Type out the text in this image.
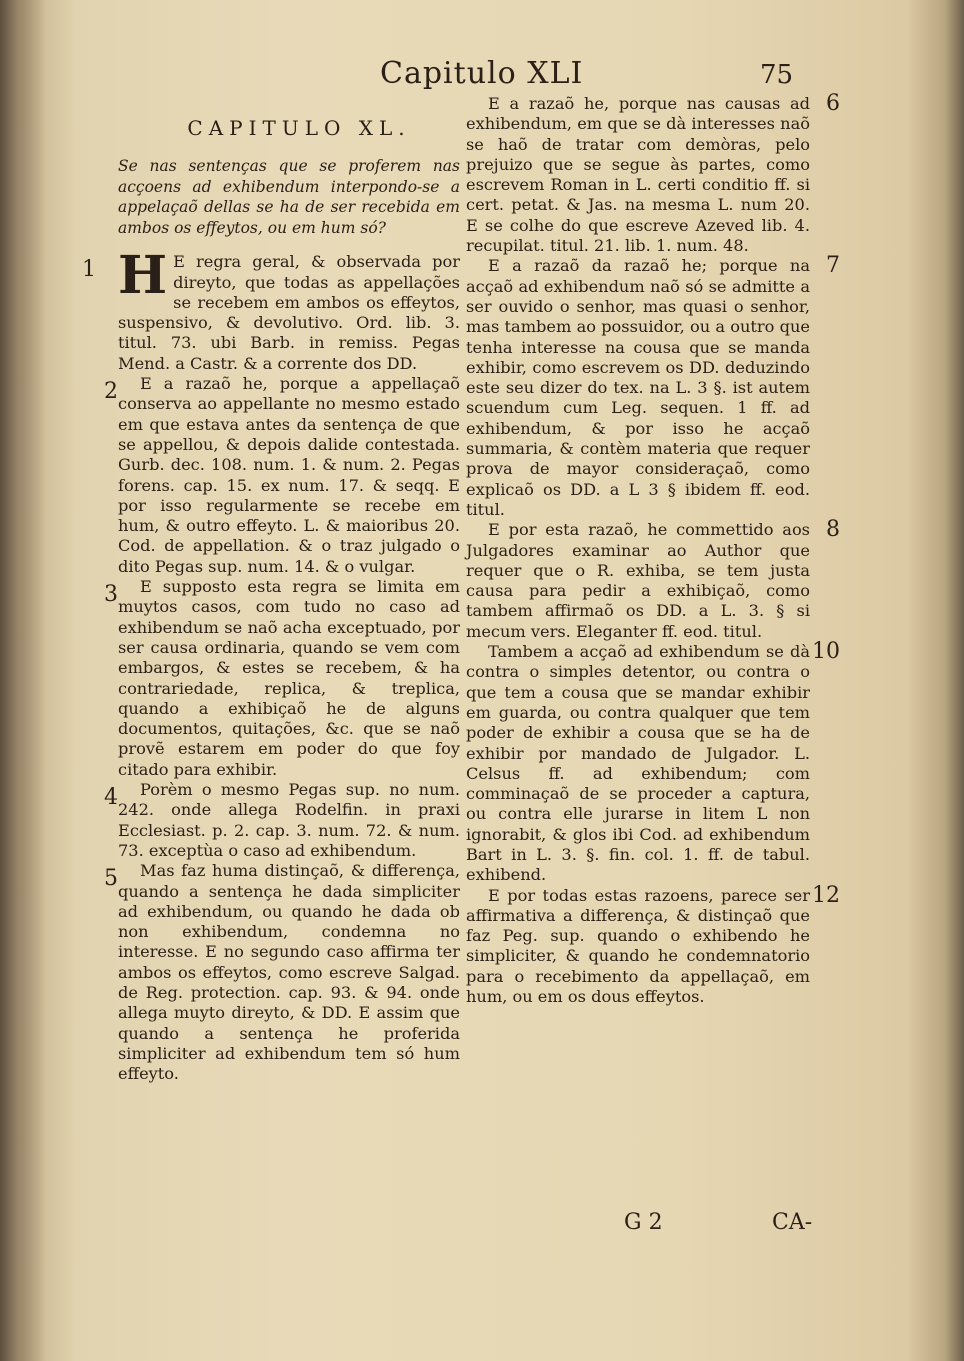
Capitulo XLI	75
CAPITULO XL.

Se nas sentenças que se proferem nas acçoens ad exhibendum interpondo-se a appelaçaõ dellas se ha de ser recebida em ambos os effeytos, ou em hum só?

1 H E regra geral, & observada por direyto, que todas as appellações se recebem em ambos os effeytos, suspensivo, & devolutivo. Ord. lib. 3. titul. 73. ubi Barb. in remiss. Pegas Mend. a Castr. & a corrente dos DD.
2 E a razaõ he, porque a appellaçaõ conserva ao appellante no mesmo estado em que estava antes da sentença de que se appellou, & depois dalide contestada. Gurb. dec. 108. num. 1. & num. 2. Pegas forens. cap. 15. ex num. 17. & seqq. E por isso regularmente se recebe em hum, & outro effeyto. L. & maioribus 20. Cod. de appellation. & o traz julgado o dito Pegas sup. num. 14. & o vulgar.
3 E supposto esta regra se limita em muytos casos, com tudo no caso ad exhibendum se naõ acha exceptuado, por ser causa ordinaria, quando se vem com embargos, & estes se recebem, & ha contrariedade, replica, & treplica, quando a exhibiçaõ he de alguns documentos, quitações, &c. que se naõ provẽ estarem em poder do que foy citado para exhibir.
4 Porèm o mesmo Pegas sup. no num. 242. onde allega Rodelfin. in praxi Ecclesiast. p. 2. cap. 3. num. 72. & num. 73. exceptùa o caso ad exhibendum.
5 Mas faz huma distinçaõ, & differença, quando a sentença he dada simpliciter ad exhibendum, ou quando he dada ob non exhibendum, condemna no interesse. E no segundo caso affirma ter ambos os effeytos, como escreve Salgad. de Reg. protection. cap. 93. & 94. onde allega muyto direyto, & DD. E assim que quando a sentença he proferida simpliciter ad exhibendum tem só hum effeyto.
6
E a razaõ he, porque nas causas ad exhibendum, em que se dà interesses naõ se haõ de tratar com demòras, pelo prejuizo que se segue às partes, como escrevem Roman in L. certi conditio ff. si cert. petat. & Jas. na mesma L. num 20. E se colhe do que escreve Azeved lib. 4. recupilat. titul. 21. lib. 1. num. 48.
7
E a razaõ da razaõ he; porque na acçaõ ad exhibendum naõ só se admitte a ser ouvido o senhor, mas quasi o senhor, mas tambem ao possuidor, ou a outro que tenha interesse na cousa que se manda exhibir, como escrevem os DD. deduzindo este seu dizer do tex. na L. 3 §. ist autem scuendum cum Leg. sequen. 1 ff. ad exhibendum, & por isso he acçaõ summaria, & contèm materia que requer prova de mayor consideraçaõ, como explicaõ os DD. a L 3 § ibidem ff. eod. titul.
8
E por esta razaõ, he commettido aos Julgadores examinar ao Author que requer que o R. exhiba, se tem justa causa para pedir a exhibiçaõ, como tambem affirmaõ os DD. a L. 3. § si mecum vers. Eleganter ff. eod. titul.
10
Tambem a acçaõ ad exhibendum se dà contra o simples detentor, ou contra o que tem a cousa que se mandar exhibir em guarda, ou contra qualquer que tem poder de exhibir a cousa que se ha de exhibir por mandado de Julgador. L. Celsus ff. ad exhibendum; com comminaçaõ de se proceder a captura, ou contra elle jurarse in litem L non ignorabit, & glos ibi Cod. ad exhibendum Bart in L. 3. §. fin. col. 1. ff. de tabul. exhibend.
12
E por todas estas razoens, parece ser affirmativa a differença, & distinçaõ que faz Peg. sup. quando o exhibendo he simpliciter, & quando he condemnatorio para o recebimento da appellaçaõ, em hum, ou em os dous effeytos.
G 2	CA-
